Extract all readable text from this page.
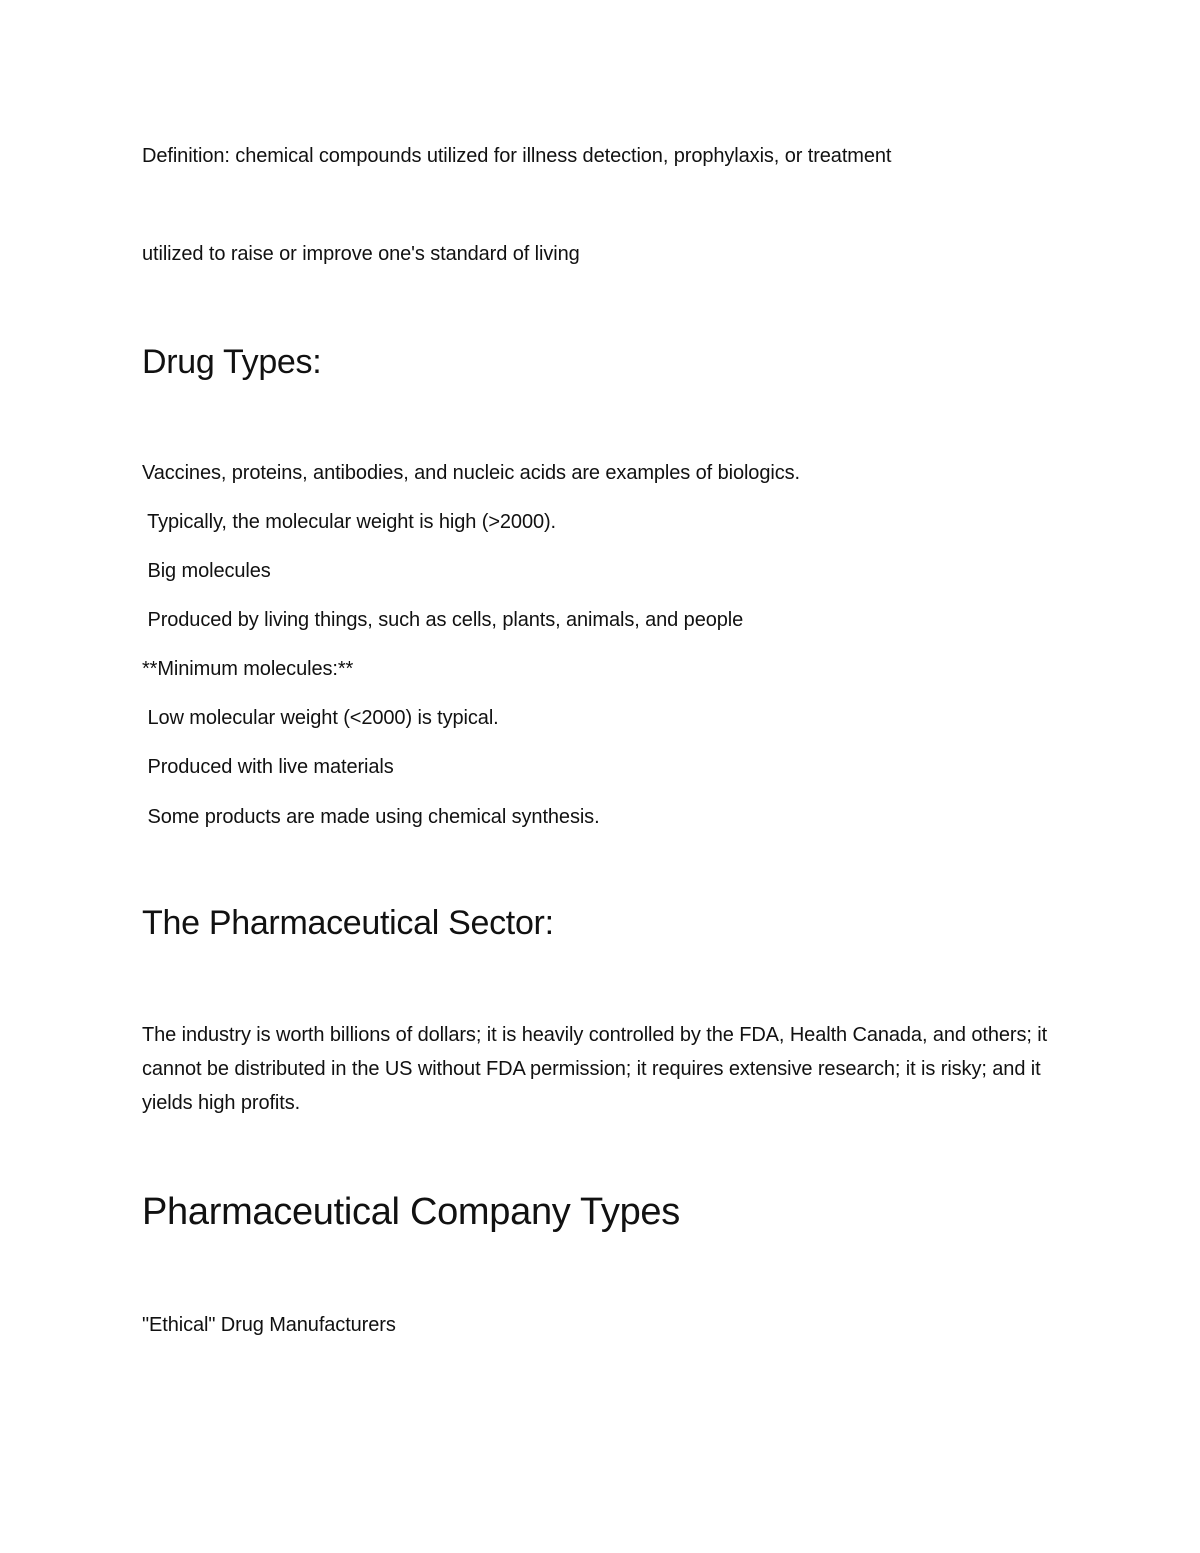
Definition: chemical compounds utilized for illness detection, prophylaxis, or treatment

utilized to raise or improve one's standard of living

Drug Types:

Vaccines, proteins, antibodies, and nucleic acids are examples of biologics.

Typically, the molecular weight is high (>2000).

Big molecules

Produced by living things, such as cells, plants, animals, and people

**Minimum molecules:**

Low molecular weight (<2000) is typical.

Produced with live materials

Some products are made using chemical synthesis.

The Pharmaceutical Sector:

The industry is worth billions of dollars; it is heavily controlled by the FDA, Health Canada, and others; it cannot be distributed in the US without FDA permission; it requires extensive research; it is risky; and it yields high profits.

Pharmaceutical Company Types

"Ethical" Drug Manufacturers
